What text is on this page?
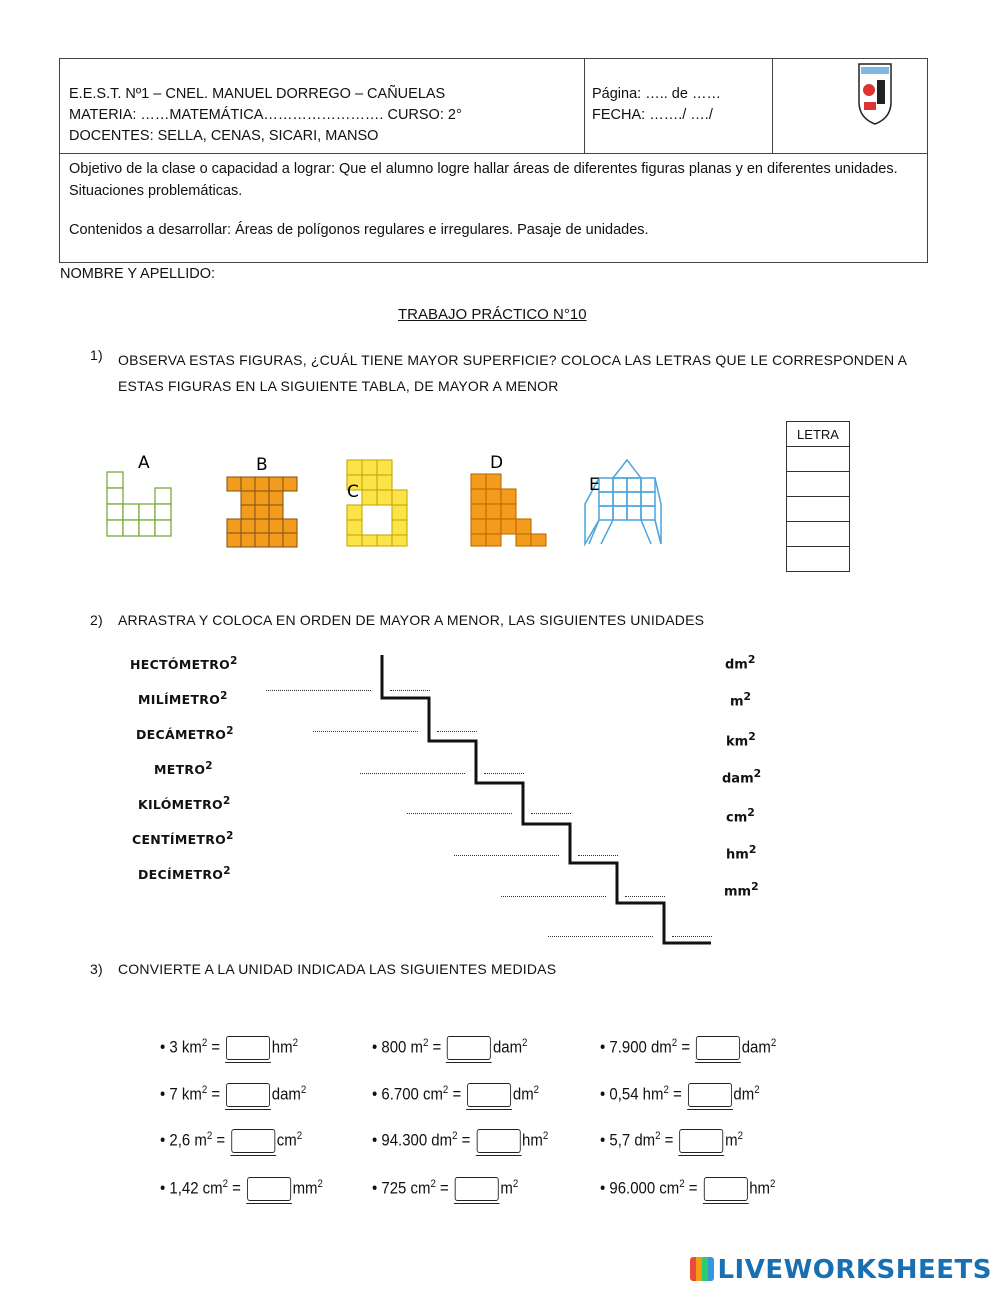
E.E.S.T. Nº1 – CNEL. MANUEL DORREGO – CAÑUELAS
MATERIA: ……MATEMÁTICA……………………. CURSO: 2°
DOCENTES: SELLA, CENAS, SICARI, MANSO
Página: ….. de ……
FECHA: ……./ …./
Objetivo de la clase o capacidad a lograr: Que el alumno logre hallar áreas de diferentes figuras planas y en diferentes unidades. Situaciones problemáticas.
Contenidos a desarrollar: Áreas de polígonos regulares e irregulares. Pasaje de unidades.
NOMBRE Y APELLIDO:
TRABAJO PRÁCTICO N°10
1) OBSERVA ESTAS FIGURAS, ¿CUÁL TIENE MAYOR SUPERFICIE? COLOCA LAS LETRAS QUE LE CORRESPONDEN A ESTAS FIGURAS EN LA SIGUIENTE TABLA, DE MAYOR A MENOR
A	B
C
D
E
LETRA

2) ARRASTRA Y COLOCA EN ORDEN DE MAYOR A MENOR, LAS SIGUIENTES UNIDADES
HECTÓMETRO$^2$
MILÍMETRO$^2$
DECÁMETRO$^2$
METRO$^2$
KILÓMETRO$^2$
CENTÍMETRO$^2$
DECÍMETRO$^2$
$dm^2$
$m^2$
$km^2$
dam$^2$
$cm^2$
$hm^2$
$mm^2$
3) CONVIERTE A LA UNIDAD INDICADA LAS SIGUIENTES MEDIDAS
• 3 $km^2$ =	$hm^2$	• 800 $m^2$ =	dam$^2$	• 7.900 $dm^2$ =	dam$^2$
• 7 $km^2$ =	dam$^2$	• 6.700 $cm^2$ =	$dm^2$	• 0,54 $hm^2$ =	$dm^2$
• 2,6 $m^2$ =	$cm^2$	• 94.300 $dm^2$ =	$hm^2$	• 5,7 $dm^2$ =	$m^2$
• 1,42 $cm^2$ =	$mm^2$	• 725 $cm^2$ =	$m^2$	• 96.000 $cm^2$ =	$hm^2$
LIVEWORKSHEETS
